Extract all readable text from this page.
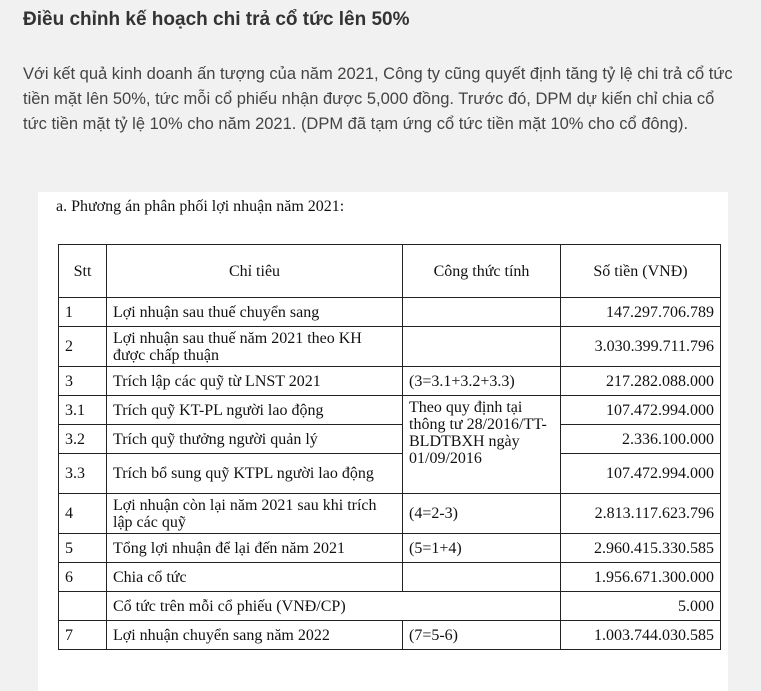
Điều chỉnh kế hoạch chi trả cổ tức lên 50%

Với kết quả kinh doanh ấn tượng của năm 2021, Công ty cũng quyết định tăng tỷ lệ chi trả cổ tức tiền mặt lên 50%, tức mỗi cổ phiếu nhận được 5,000 đồng. Trước đó, DPM dự kiến chỉ chia cổ tức tiền mặt tỷ lệ 10% cho năm 2021. (DPM đã tạm ứng cổ tức tiền mặt 10% cho cổ đông).

a. Phương án phân phối lợi nhuận năm 2021:
Stt	Chỉ tiêu	Công thức tính	Số tiền (VNĐ)
1	Lợi nhuận sau thuế chuyển sang		147.297.706.789
2	Lợi nhuận sau thuế năm 2021 theo KH được chấp thuận		3.030.399.711.796
3	Trích lập các quỹ từ LNST 2021	(3=3.1+3.2+3.3)	217.282.088.000
3.1	Trích quỹ KT-PL người lao động	Theo quy định tại thông tư 28/2016/TT-BLDTBXH ngày 01/09/2016	107.472.994.000
3.2	Trích quỹ thưởng người quản lý		2.336.100.000
3.3	Trích bổ sung quỹ KTPL người lao động		107.472.994.000
4	Lợi nhuận còn lại năm 2021 sau khi trích lập các quỹ	(4=2-3)	2.813.117.623.796
5	Tổng lợi nhuận để lại đến năm 2021	(5=1+4)	2.960.415.330.585
6	Chia cổ tức		1.956.671.300.000
	Cổ tức trên mỗi cổ phiếu (VNĐ/CP)		5.000
7	Lợi nhuận chuyển sang năm 2022	(7=5-6)	1.003.744.030.585
